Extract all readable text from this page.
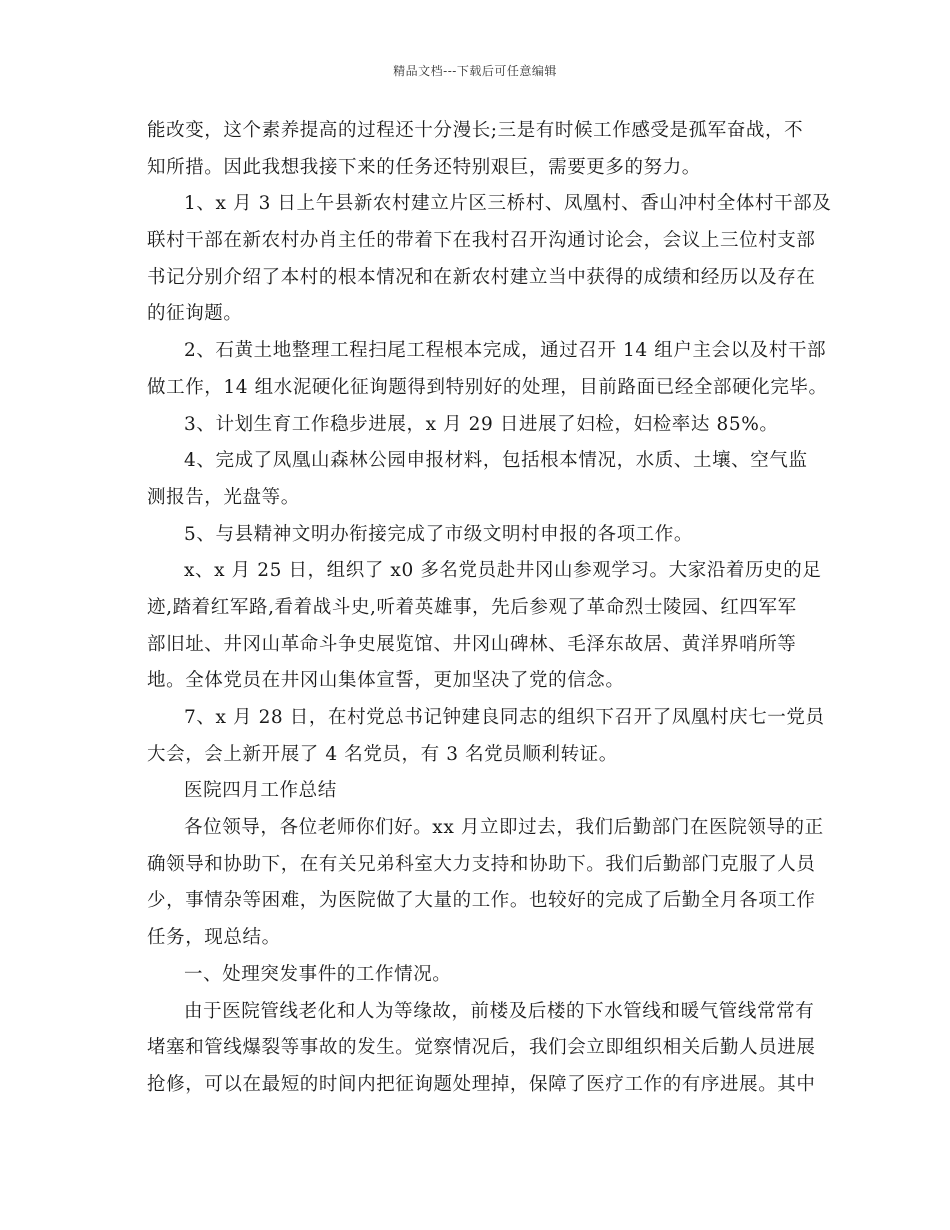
精品文档---下载后可任意编辑
能改变，这个素养提高的过程还十分漫长;三是有时候工作感受是孤军奋战，不
知所措。因此我想我接下来的任务还特别艰巨，需要更多的努力。
1、x 月 3 日上午县新农村建立片区三桥村、凤凰村、香山冲村全体村干部及
联村干部在新农村办肖主任的带着下在我村召开沟通讨论会，会议上三位村支部
书记分别介绍了本村的根本情况和在新农村建立当中获得的成绩和经历以及存在
的征询题。
2、石黄土地整理工程扫尾工程根本完成，通过召开 14 组户主会以及村干部
做工作，14 组水泥硬化征询题得到特别好的处理，目前路面已经全部硬化完毕。
3、计划生育工作稳步进展，x 月 29 日进展了妇检，妇检率达 85%。
4、完成了凤凰山森林公园申报材料，包括根本情况，水质、土壤、空气监
测报告，光盘等。
5、与县精神文明办衔接完成了市级文明村申报的各项工作。
x、x 月 25 日，组织了 x0 多名党员赴井冈山参观学习。大家沿着历史的足
迹,踏着红军路,看着战斗史,听着英雄事，先后参观了革命烈士陵园、红四军军
部旧址、井冈山革命斗争史展览馆、井冈山碑林、毛泽东故居、黄洋界哨所等
地。全体党员在井冈山集体宣誓，更加坚决了党的信念。
7、x 月 28 日，在村党总书记钟建良同志的组织下召开了凤凰村庆七一党员
大会，会上新开展了 4 名党员，有 3 名党员顺利转证。
医院四月工作总结
各位领导，各位老师你们好。xx 月立即过去，我们后勤部门在医院领导的正
确领导和协助下，在有关兄弟科室大力支持和协助下。我们后勤部门克服了人员
少，事情杂等困难，为医院做了大量的工作。也较好的完成了后勤全月各项工作
任务，现总结。
一、处理突发事件的工作情况。
由于医院管线老化和人为等缘故，前楼及后楼的下水管线和暖气管线常常有
堵塞和管线爆裂等事故的发生。觉察情况后，我们会立即组织相关后勤人员进展
抢修，可以在最短的时间内把征询题处理掉，保障了医疗工作的有序进展。其中
